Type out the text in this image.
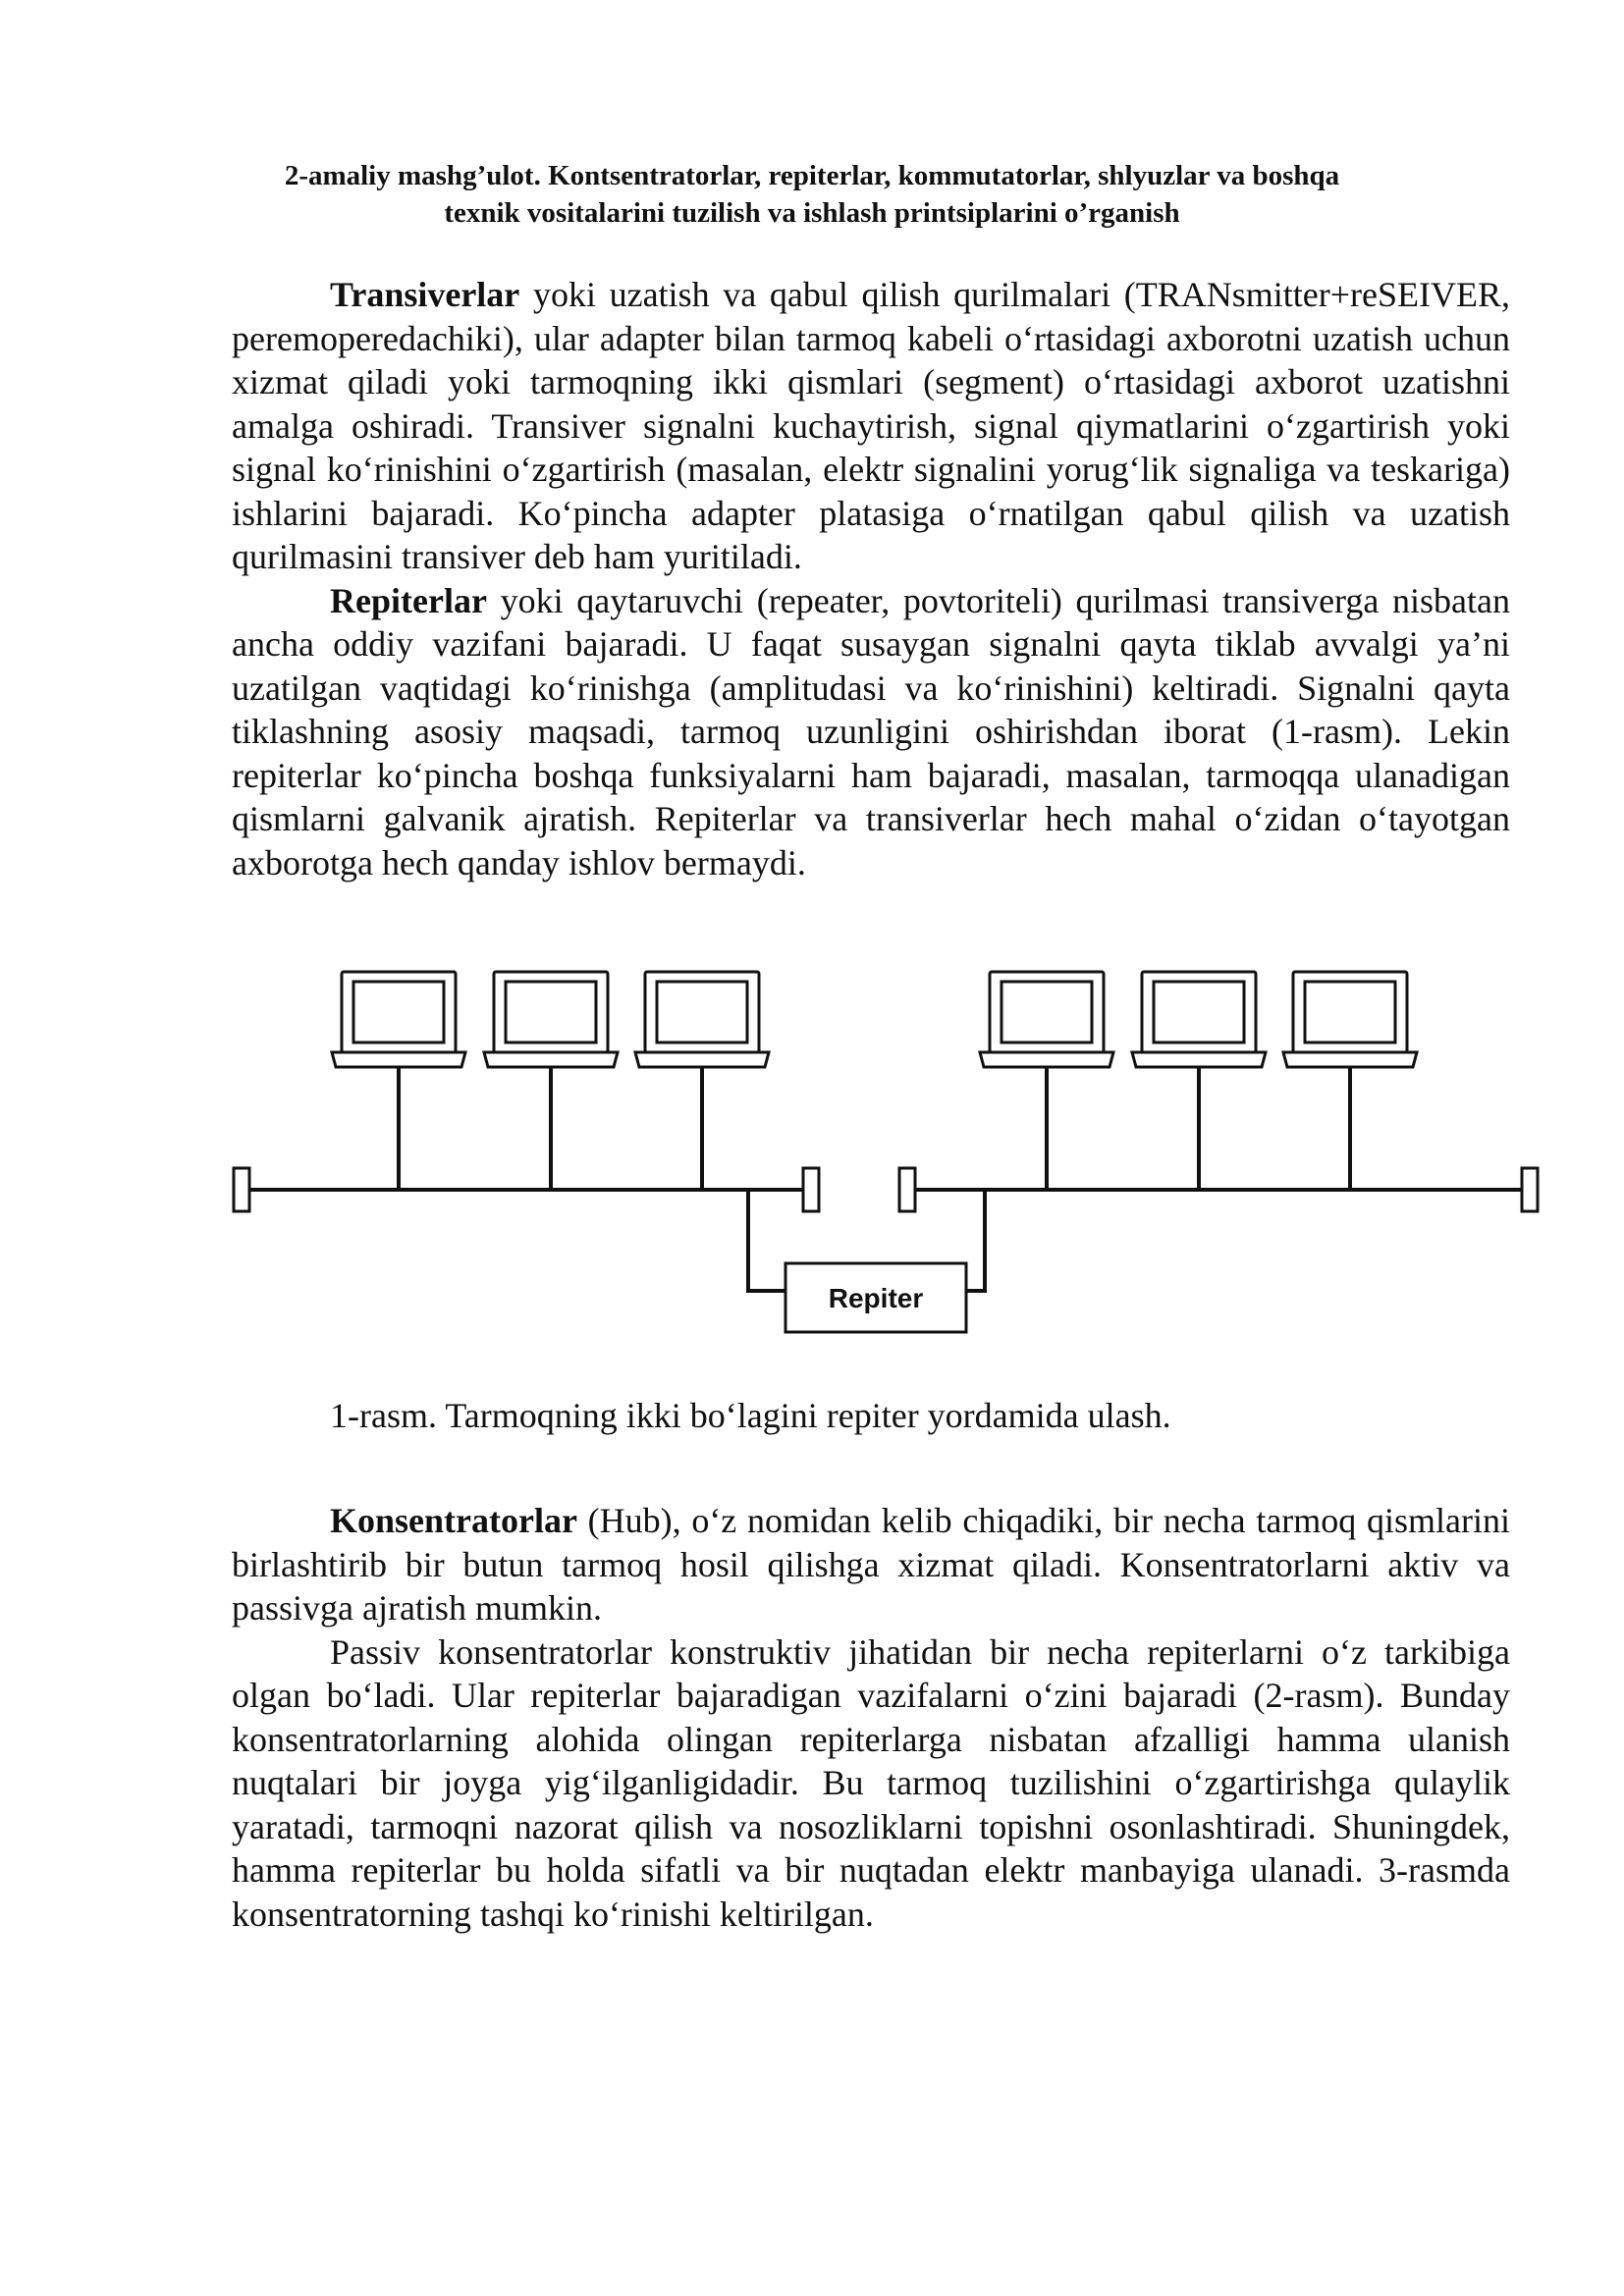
2-amaliy mashg’ulot. Kontsentratorlar, repiterlar, kommutatorlar, shlyuzlar va boshqa
texnik vositalarini tuzilish va ishlash printsiplarini o’rganish

Transiverlar yoki uzatish va qabul qilish qurilmalari (TRANsmitter+reSEIVER, peremoperedachiki), ular adapter bilan tarmoq kabeli o‘rtasidagi axborotni uzatish uchun xizmat qiladi yoki tarmoqning ikki qismlari (segment) o‘rtasidagi axborot uzatishni amalga oshiradi. Transiver signalni kuchaytirish, signal qiymatlarini o‘zgartirish yoki signal ko‘rinishini o‘zgartirish (masalan, elektr signalini yorug‘lik signaliga va teskariga) ishlarini bajaradi. Ko‘pincha adapter platasiga o‘rnatilgan qabul qilish va uzatish qurilmasini transiver deb ham yuritiladi.

Repiterlar yoki qaytaruvchi (repeater, povtoriteli) qurilmasi transiverga nisbatan ancha oddiy vazifani bajaradi. U faqat susaygan signalni qayta tiklab avvalgi ya’ni uzatilgan vaqtidagi ko‘rinishga (amplitudasi va ko‘rinishini) keltiradi. Signalni qayta tiklashning asosiy maqsadi, tarmoq uzunligini oshirishdan iborat (1-rasm). Lekin repiterlar ko‘pincha boshqa funksiyalarni ham bajaradi, masalan, tarmoqqa ulanadigan qismlarni galvanik ajratish. Repiterlar va transiverlar hech mahal o‘zidan o‘tayotgan axborotga hech qanday ishlov bermaydi.

Repiter
1-rasm. Tarmoqning ikki bo‘lagini repiter yordamida ulash.

Konsentratorlar (Hub), o‘z nomidan kelib chiqadiki, bir necha tarmoq qismlarini birlashtirib bir butun tarmoq hosil qilishga xizmat qiladi. Konsentratorlarni aktiv va passivga ajratish mumkin.

Passiv konsentratorlar konstruktiv jihatidan bir necha repiterlarni o‘z tarkibiga olgan bo‘ladi. Ular repiterlar bajaradigan vazifalarni o‘zini bajaradi (2-rasm). Bunday konsentratorlarning alohida olingan repiterlarga nisbatan afzalligi hamma ulanish nuqtalari bir joyga yig‘ilganligidadir. Bu tarmoq tuzilishini o‘zgartirishga qulaylik yaratadi, tarmoqni nazorat qilish va nosozliklarni topishni osonlashtiradi. Shuningdek, hamma repiterlar bu holda sifatli va bir nuqtadan elektr manbayiga ulanadi. 3-rasmda konsentratorning tashqi ko‘rinishi keltirilgan.
